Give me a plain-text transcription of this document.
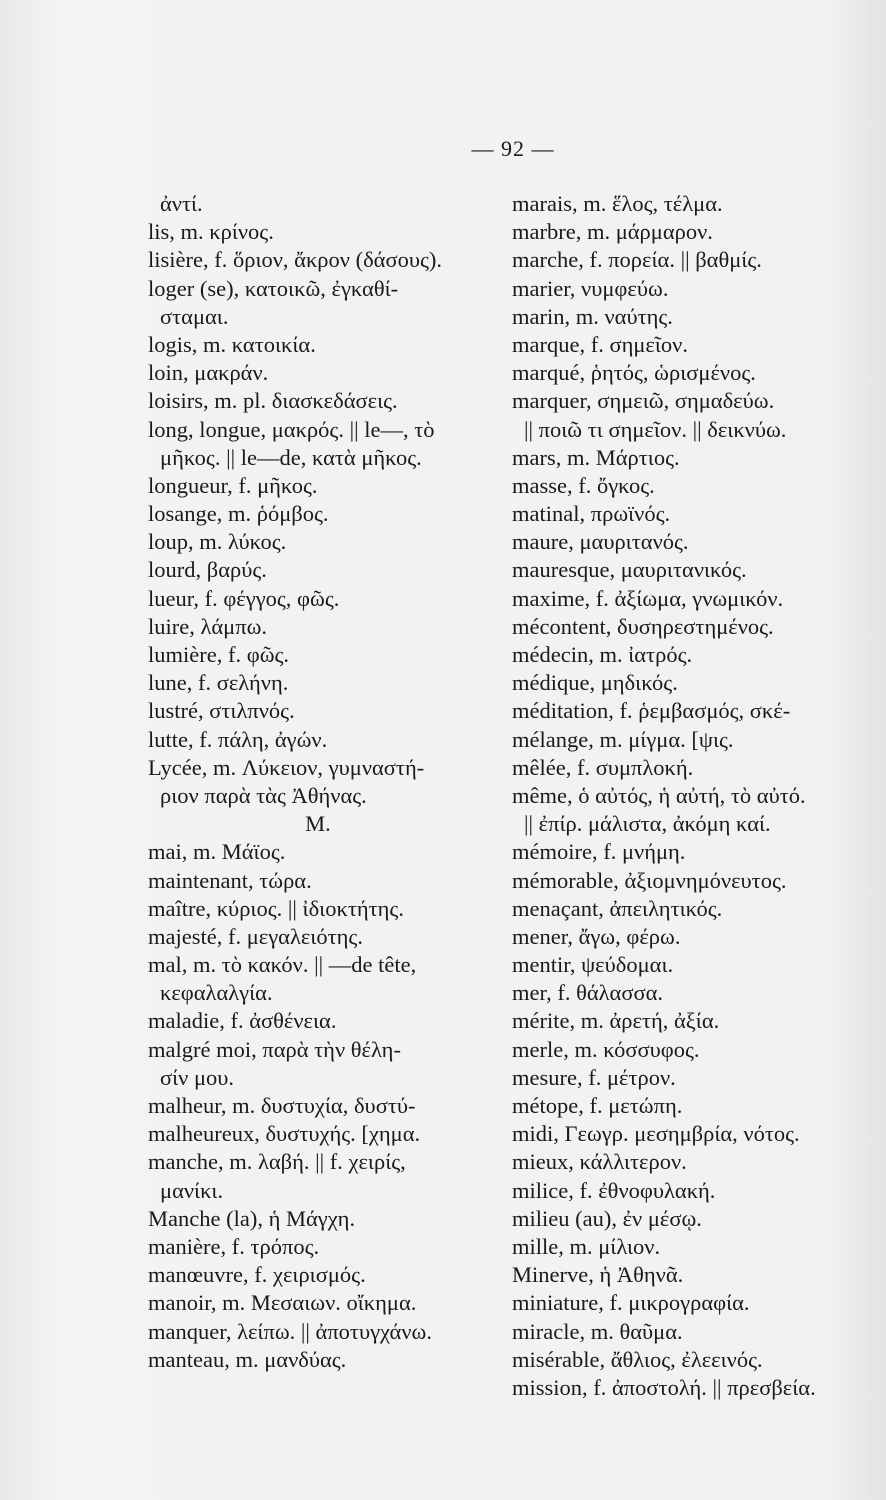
— 92 —
ἀντί.
lis, m. κρίνος.
lisière, f. ὅριον, ἄκρον (δάσους).
loger (se), κατοικῶ, ἐγκαθί-
σταμαι.
logis, m. κατοικία.
loin, μακράν.
loisirs, m. pl. διασκεδάσεις.
long, longue, μακρός. || le—, τὸ
μῆκος. || le—de, κατὰ μῆκος.
longueur, f. μῆκος.
losange, m. ῥόμβος.
loup, m. λύκος.
lourd, βαρύς.
lueur, f. φέγγος, φῶς.
luire, λάμπω.
lumière, f. φῶς.
lune, f. σελήνη.
lustré, στιλπνός.
lutte, f. πάλη, ἀγών.
Lycée, m. Λύκειον, γυμναστή-
ριον παρὰ τὰς Ἀθήνας.
M.
mai, m. Μάϊος.
maintenant, τώρα.
maître, κύριος. || ἰδιοκτήτης.
majesté, f. μεγαλειότης.
mal, m. τὸ κακόν. || —de tête,
κεφαλαλγία.
maladie, f. ἀσθένεια.
malgré moi, παρὰ τὴν θέλη-
σίν μου.
malheur, m. δυστυχία, δυστύ-
malheureux, δυστυχής. [χημα.
manche, m. λαβή. || f. χειρίς,
μανίκι.
Manche (la), ἡ Μάγχη.
manière, f. τρόπος.
manœuvre, f. χειρισμός.
manoir, m. Μεσαιων. οἴκημα.
manquer, λείπω. || ἀποτυγχάνω.
manteau, m. μανδύας.
marais, m. ἕλος, τέλμα.
marbre, m. μάρμαρον.
marche, f. πορεία. || βαθμίς.
marier, νυμφεύω.
marin, m. ναύτης.
marque, f. σημεῖον.
marqué, ῥητός, ὡρισμένος.
marquer, σημειῶ, σημαδεύω.
|| ποιῶ τι σημεῖον. || δεικνύω.
mars, m. Μάρτιος.
masse, f. ὄγκος.
matinal, πρωϊνός.
maure, μαυριτανός.
mauresque, μαυριτανικός.
maxime, f. ἀξίωμα, γνωμικόν.
mécontent, δυσηρεστημένος.
médecin, m. ἰατρός.
médique, μηδικός.
méditation, f. ῥεμβασμός, σκέ-
mélange, m. μίγμα. [ψις.
mêlée, f. συμπλοκή.
même, ὁ αὐτός, ἡ αὐτή, τὸ αὐτό.
|| ἐπίρ. μάλιστα, ἀκόμη καί.
mémoire, f. μνήμη.
mémorable, ἀξιομνημόνευτος.
menaçant, ἀπειλητικός.
mener, ἄγω, φέρω.
mentir, ψεύδομαι.
mer, f. θάλασσα.
mérite, m. ἀρετή, ἀξία.
merle, m. κόσσυφος.
mesure, f. μέτρον.
métope, f. μετώπη.
midi, Γεωγρ. μεσημβρία, νότος.
mieux, κάλλιτερον.
milice, f. ἐθνοφυλακή.
milieu (au), ἐν μέσῳ.
mille, m. μίλιον.
Minerve, ἡ Ἀθηνᾶ.
miniature, f. μικρογραφία.
miracle, m. θαῦμα.
misérable, ἄθλιος, ἐλεεινός.
mission, f. ἀποστολή. || πρεσβεία.
